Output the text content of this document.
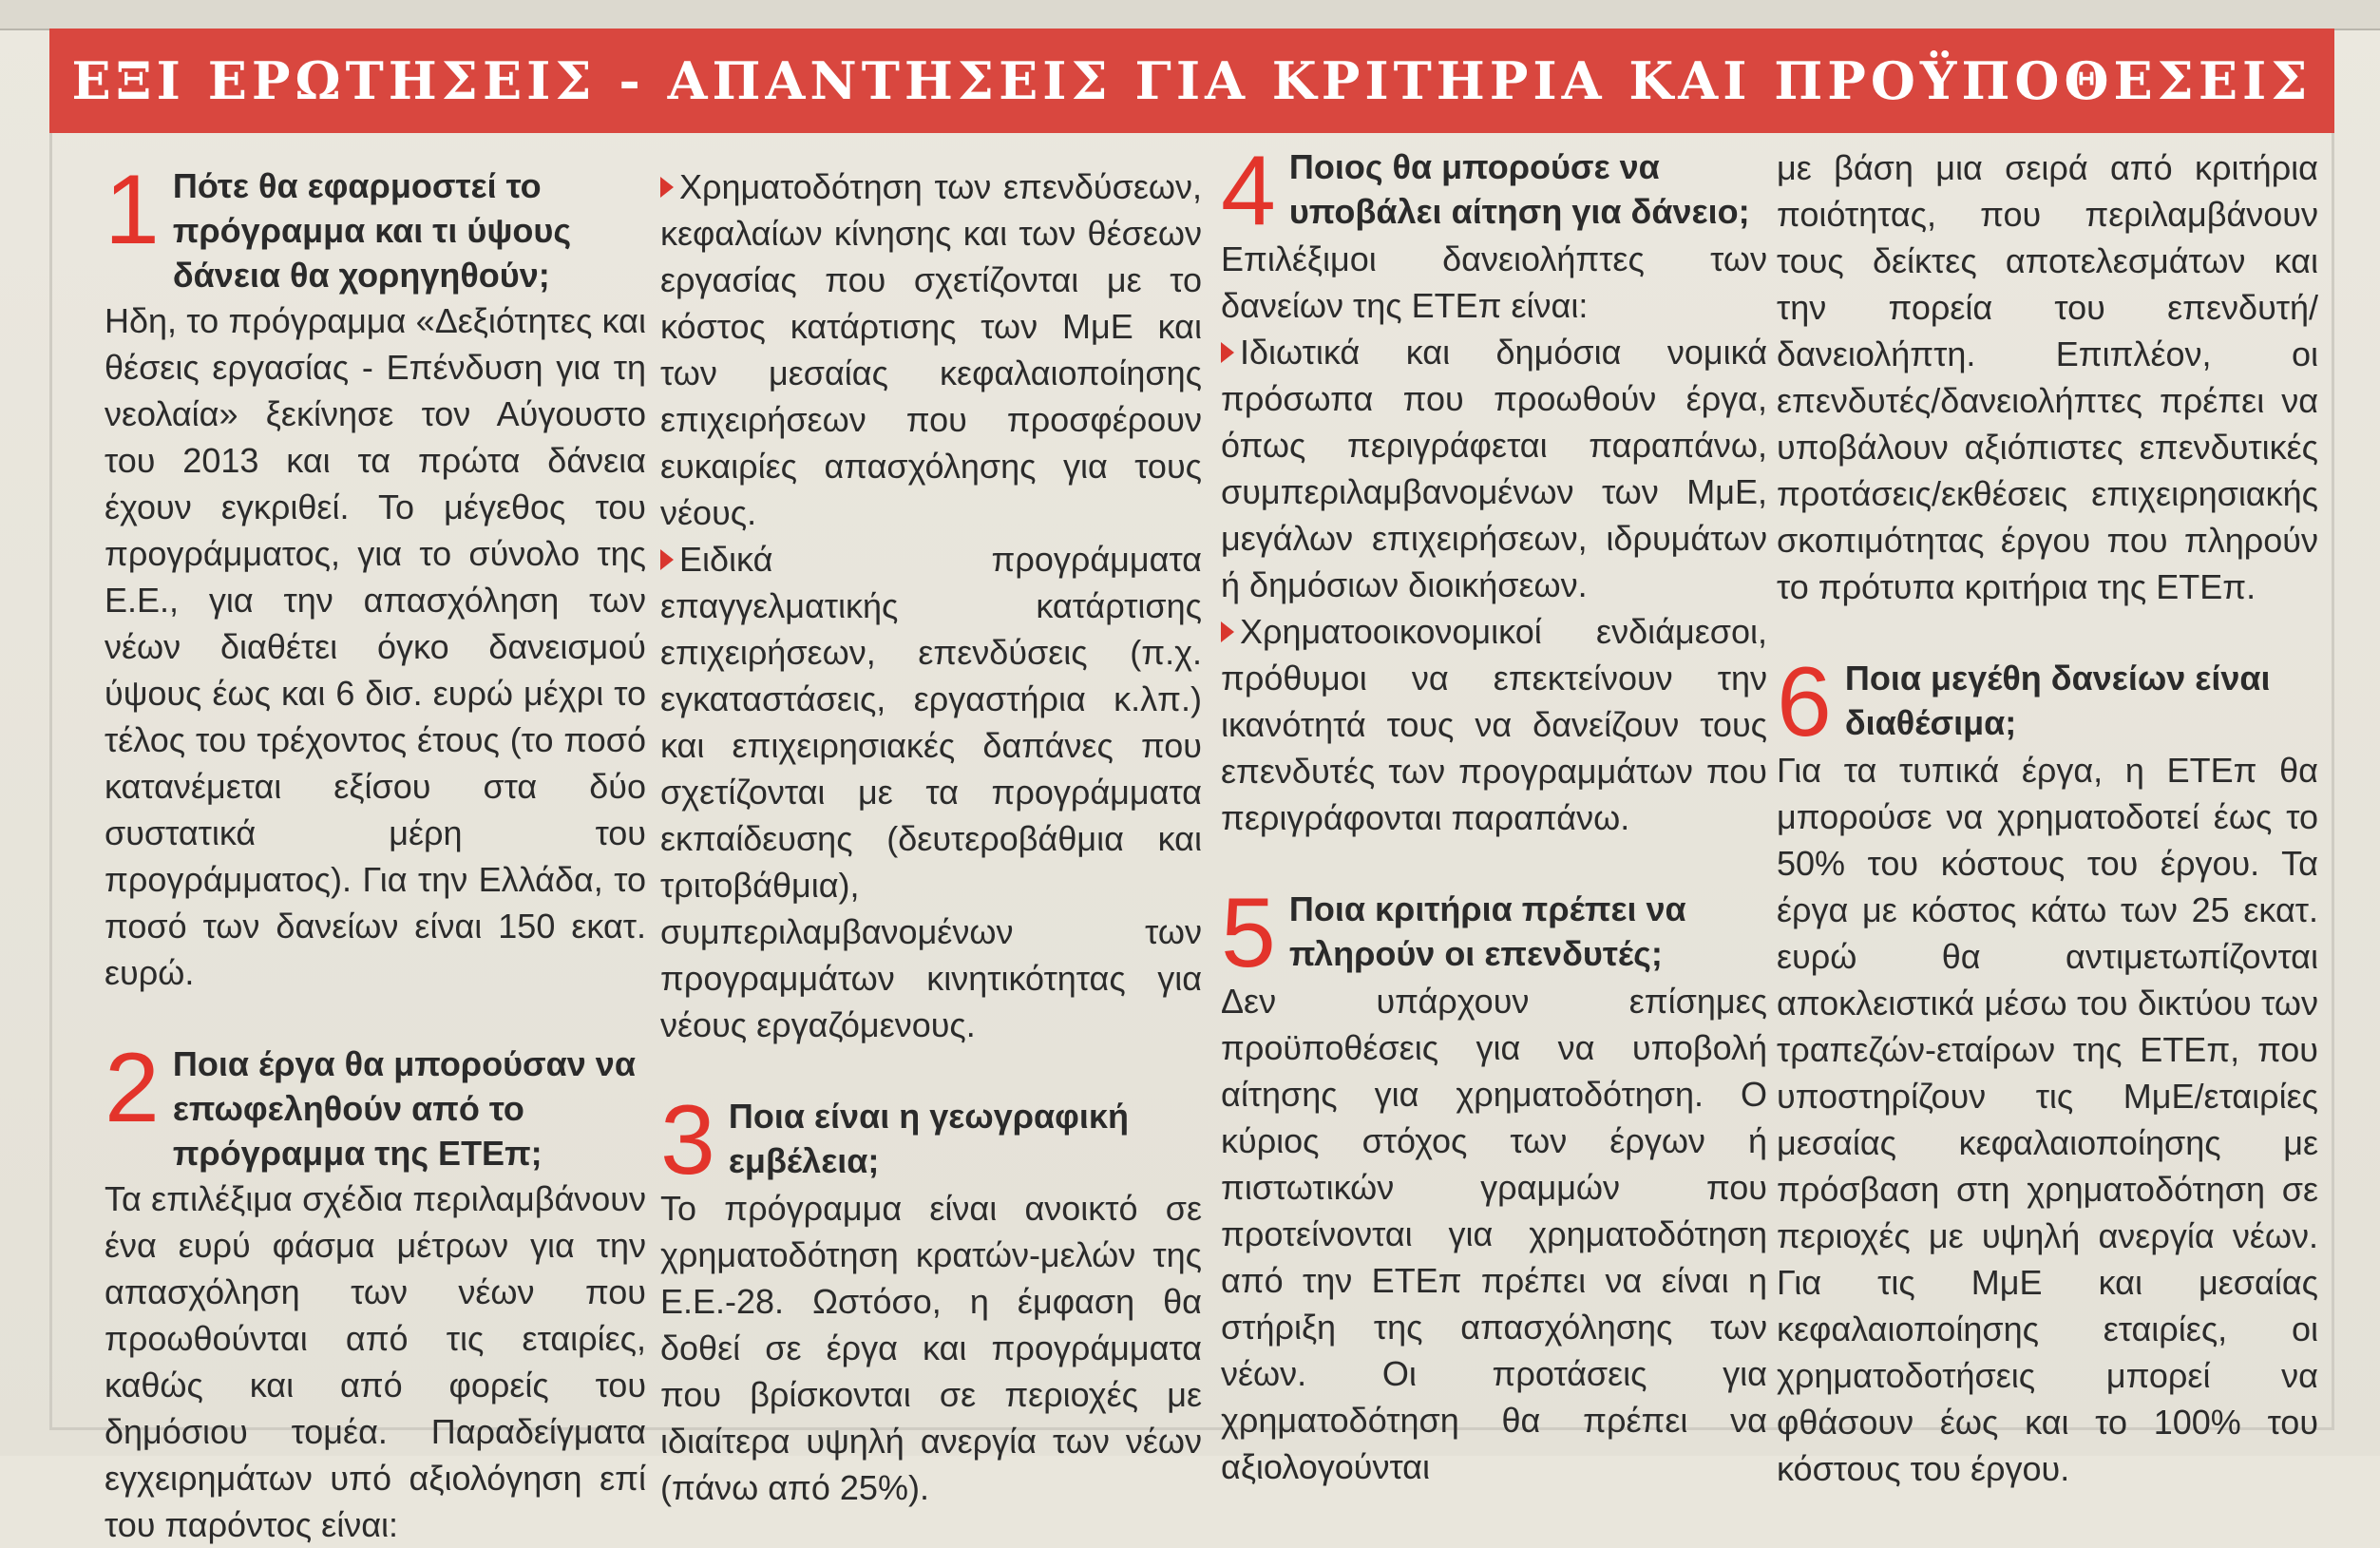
ΕΞΙ ΕΡΩΤΗΣΕΙΣ - ΑΠΑΝΤΗΣΕΙΣ ΓΙΑ ΚΡΙΤΗΡΙΑ ΚΑΙ ΠΡΟΫΠΟΘΕΣΕΙΣ
1 Πότε θα εφαρμοστεί το πρόγραμμα και τι ύψους δάνεια θα χορηγηθούν;
Ηδη, το πρόγραμμα «Δεξιότητες και θέσεις εργασίας - Επένδυση για τη νεολαία» ξεκίνησε τον Αύγουστο του 2013 και τα πρώτα δάνεια έχουν εγκριθεί. Το μέγεθος του προγράμματος, για το σύνολο της Ε.Ε., για την απασχόληση των νέων διαθέτει όγκο δανεισμού ύψους έως και 6 δισ. ευρώ μέχρι το τέλος του τρέχοντος έτους (το ποσό κατανέμεται εξίσου στα δύο συστατικά μέρη του προγράμματος). Για την Ελλάδα, το ποσό των δανείων είναι 150 εκατ. ευρώ.
2 Ποια έργα θα μπορούσαν να επωφεληθούν από το πρόγραμμα της ΕΤΕπ;
Τα επιλέξιμα σχέδια περιλαμβάνουν ένα ευρύ φάσμα μέτρων για την απασχόληση των νέων που προωθούνται από τις εταιρίες, καθώς και από φορείς του δημόσιου τομέα. Παραδείγματα εγχειρημάτων υπό αξιολόγηση επί του παρόντος είναι:

Χρηματοδότηση των επενδύσεων, κεφαλαίων κίνησης και των θέσεων εργασίας που σχετίζονται με το κόστος κατάρτισης των ΜμΕ και των μεσαίας κεφαλαιοποίησης επιχειρήσεων που προσφέρουν ευκαιρίες απασχόλησης για τους νέους.

Ειδικά προγράμματα επαγγελματικής κατάρτισης επιχειρήσεων, επενδύσεις (π.χ. εγκαταστάσεις, εργαστήρια κ.λπ.) και επιχειρησιακές δαπάνες που σχετίζονται με τα προγράμματα εκπαίδευσης (δευτεροβάθμια και τριτοβάθμια), συμπεριλαμβανομένων των προγραμμάτων κινητικότητας για νέους εργαζόμενους.

3 Ποια είναι η γεωγραφική εμβέλεια;
Το πρόγραμμα είναι ανοικτό σε χρηματοδότηση κρατών-μελών της Ε.Ε.-28. Ωστόσο, η έμφαση θα δοθεί σε έργα και προγράμματα που βρίσκονται σε περιοχές με ιδιαίτερα υψηλή ανεργία των νέων (πάνω από 25%).
4 Ποιος θα μπορούσε να υποβάλει αίτηση για δάνειο;
Επιλέξιμοι δανειολήπτες των δανείων της ΕΤΕπ είναι:

Ιδιωτικά και δημόσια νομικά πρόσωπα που προωθούν έργα, όπως περιγράφεται παραπάνω, συμπεριλαμβανομένων των ΜμΕ, μεγάλων επιχειρήσεων, ιδρυμάτων ή δημόσιων διοικήσεων.

Χρηματοοικονομικοί ενδιάμεσοι, πρόθυμοι να επεκτείνουν την ικανότητά τους να δανείζουν τους επενδυτές των προγραμμάτων που περιγράφονται παραπάνω.

5 Ποια κριτήρια πρέπει να πληρούν οι επενδυτές;
Δεν υπάρχουν επίσημες προϋποθέσεις για να υποβολή αίτησης για χρηματοδότηση. Ο κύριος στόχος των έργων ή πιστωτικών γραμμών που προτείνονται για χρηματοδότηση από την ΕΤΕπ πρέπει να είναι η στήριξη της απασχόλησης των νέων. Οι προτάσεις για χρηματοδότηση θα πρέπει να αξιολογούνται

με βάση μια σειρά από κριτήρια ποιότητας, που περιλαμβάνουν τους δείκτες αποτελεσμάτων και την πορεία του επενδυτή/δανειολήπτη. Επιπλέον, οι επενδυτές/δανειολήπτες πρέπει να υποβάλουν αξιόπιστες επενδυτικές προτάσεις/εκθέσεις επιχειρησιακής σκοπιμότητας έργου που πληρούν το πρότυπα κριτήρια της ΕΤΕπ.

6 Ποια μεγέθη δανείων είναι διαθέσιμα;
Για τα τυπικά έργα, η ΕΤΕπ θα μπορούσε να χρηματοδοτεί έως το 50% του κόστους του έργου. Τα έργα με κόστος κάτω των 25 εκατ. ευρώ θα αντιμετωπίζονται αποκλειστικά μέσω του δικτύου των τραπεζών-εταίρων της ΕΤΕπ, που υποστηρίζουν τις ΜμΕ/εταιρίες μεσαίας κεφαλαιοποίησης με πρόσβαση στη χρηματοδότηση σε περιοχές με υψηλή ανεργία νέων. Για τις ΜμΕ και μεσαίας κεφαλαιοποίησης εταιρίες, οι χρηματοδοτήσεις μπορεί να φθάσουν έως και το 100% του κόστους του έργου.
